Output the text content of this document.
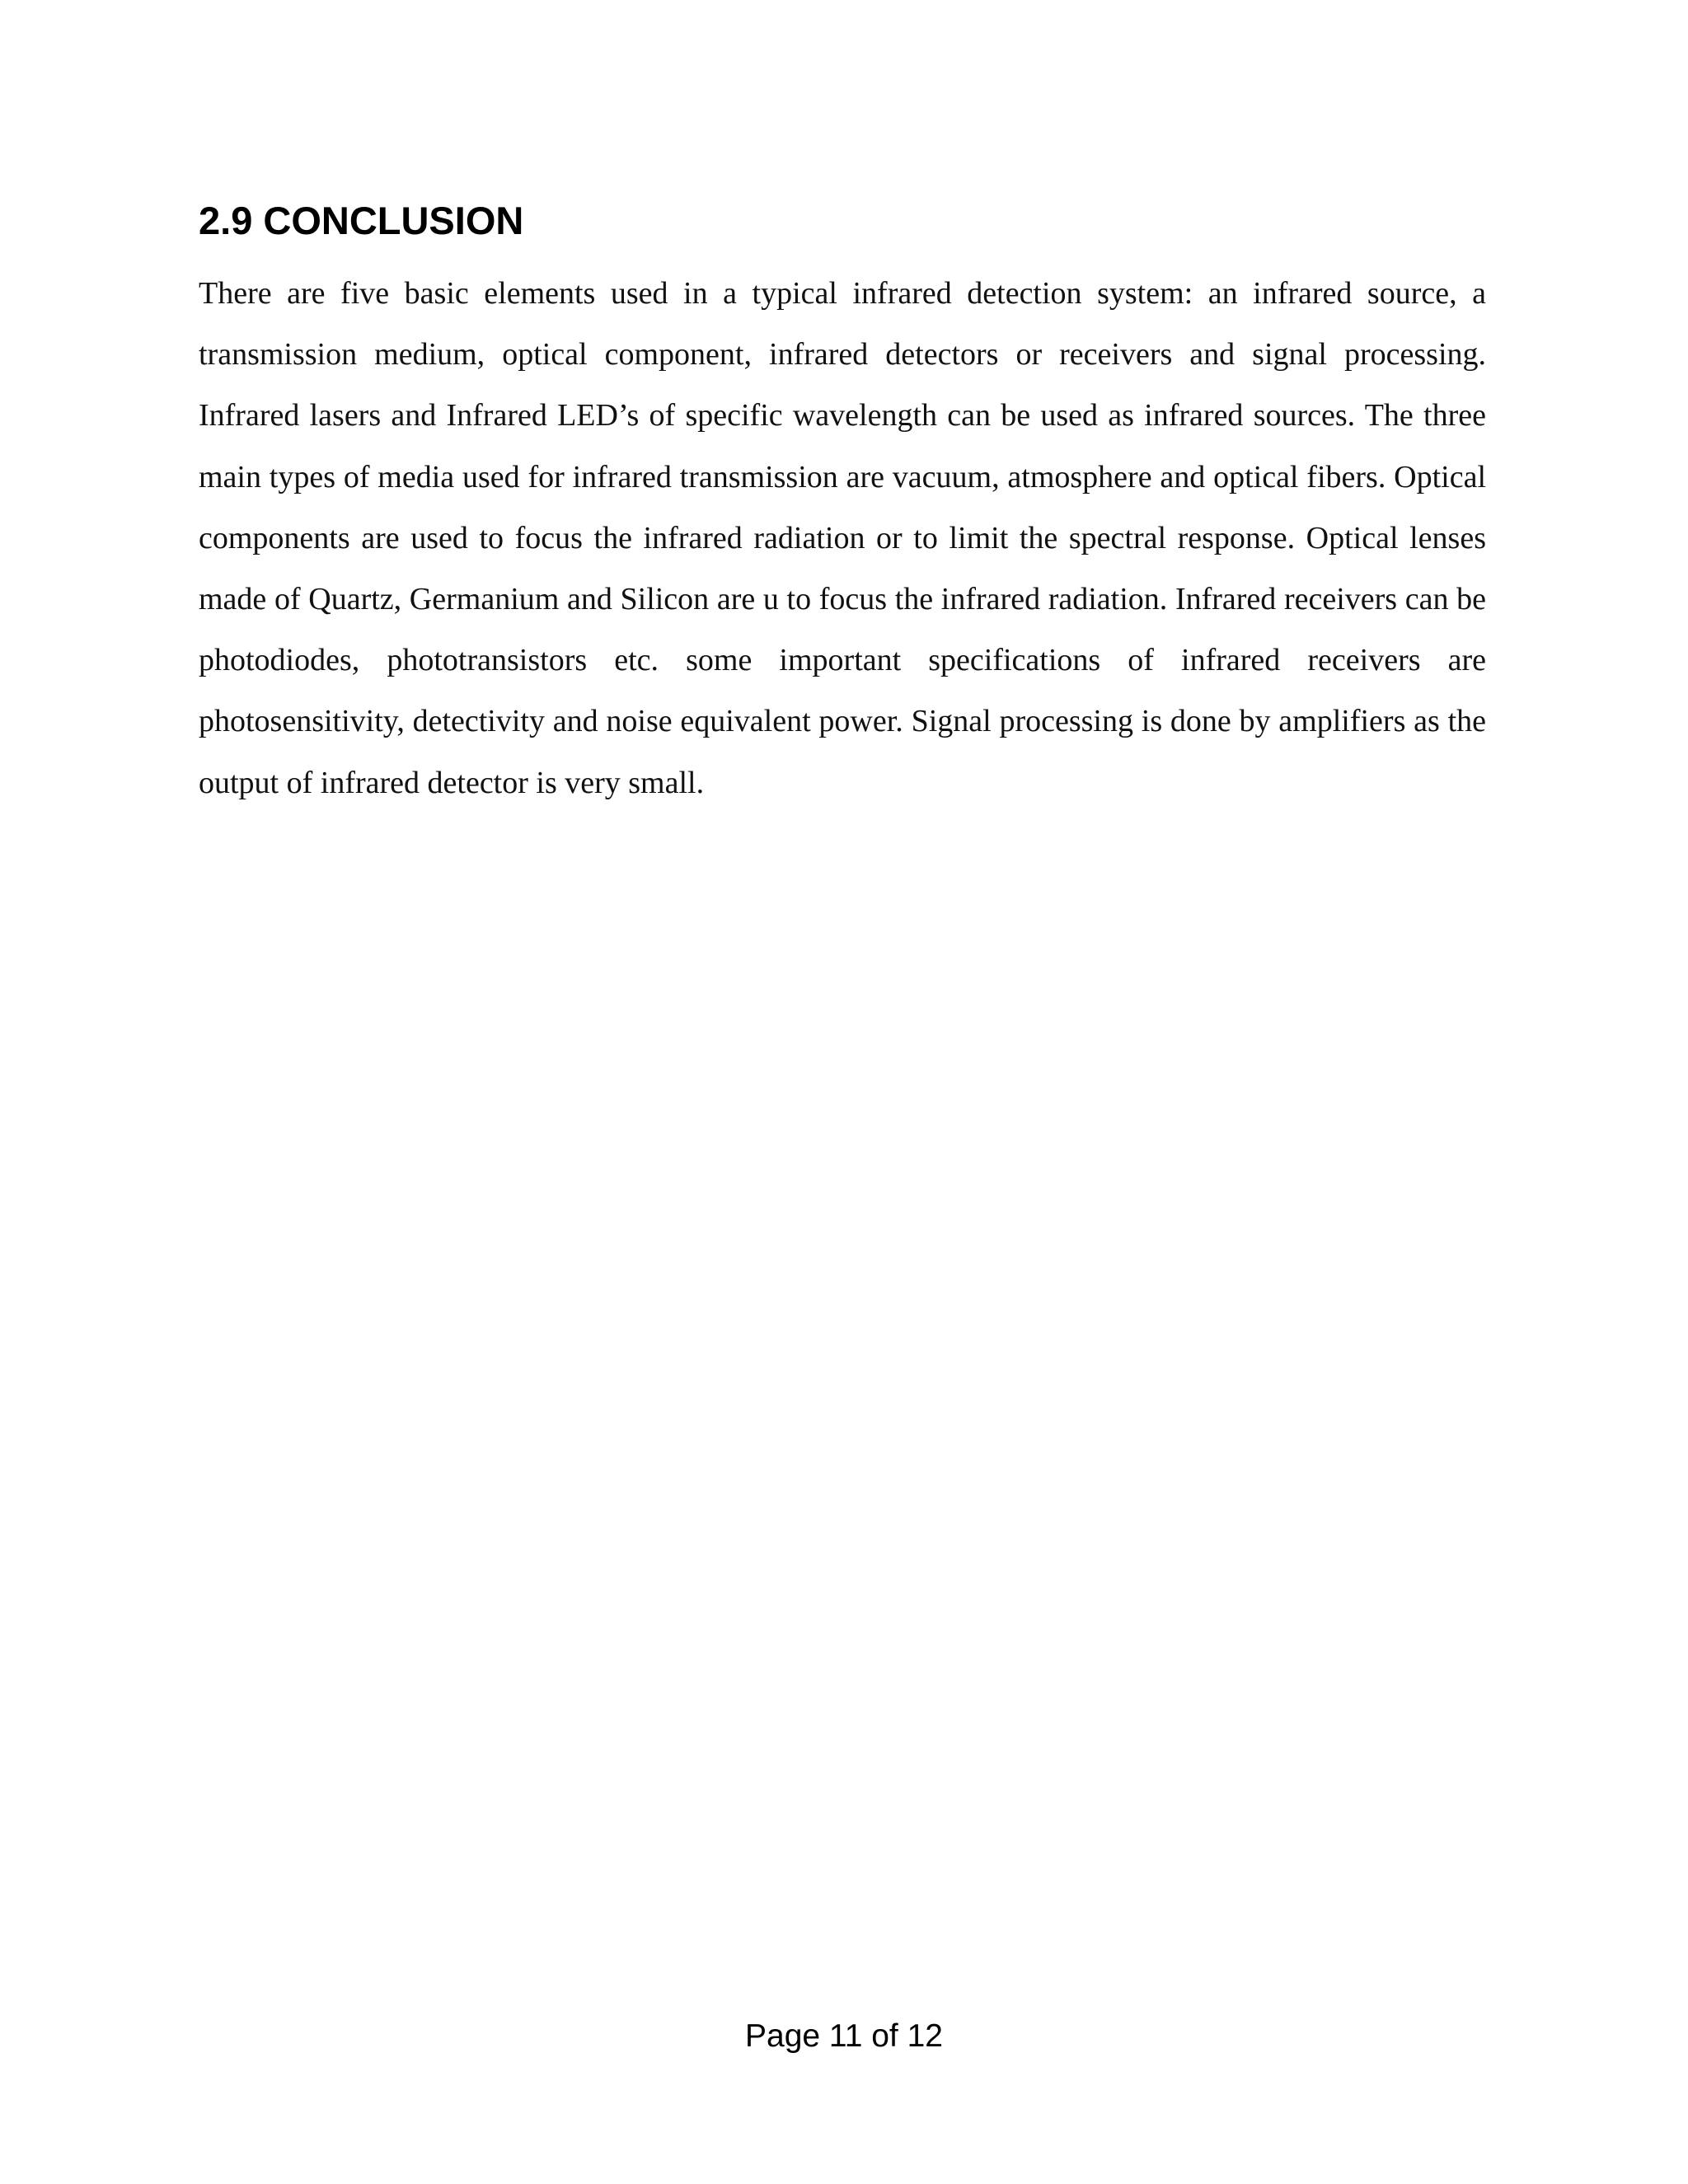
2.9 CONCLUSION

There are five basic elements used in a typical infrared detection system: an infrared source, a transmission medium, optical component, infrared detectors or receivers and signal processing. Infrared lasers and Infrared LED’s of specific wavelength can be used as infrared sources. The three main types of media used for infrared transmission are vacuum, atmosphere and optical fibers. Optical components are used to focus the infrared radiation or to limit the spectral response. Optical lenses made of Quartz, Germanium and Silicon are u to focus the infrared radiation. Infrared receivers can be photodiodes, phototransistors etc. some important specifications of infrared receivers are photosensitivity, detectivity and noise equivalent power. Signal processing is done by amplifiers as the output of infrared detector is very small.

Page 11 of 12
